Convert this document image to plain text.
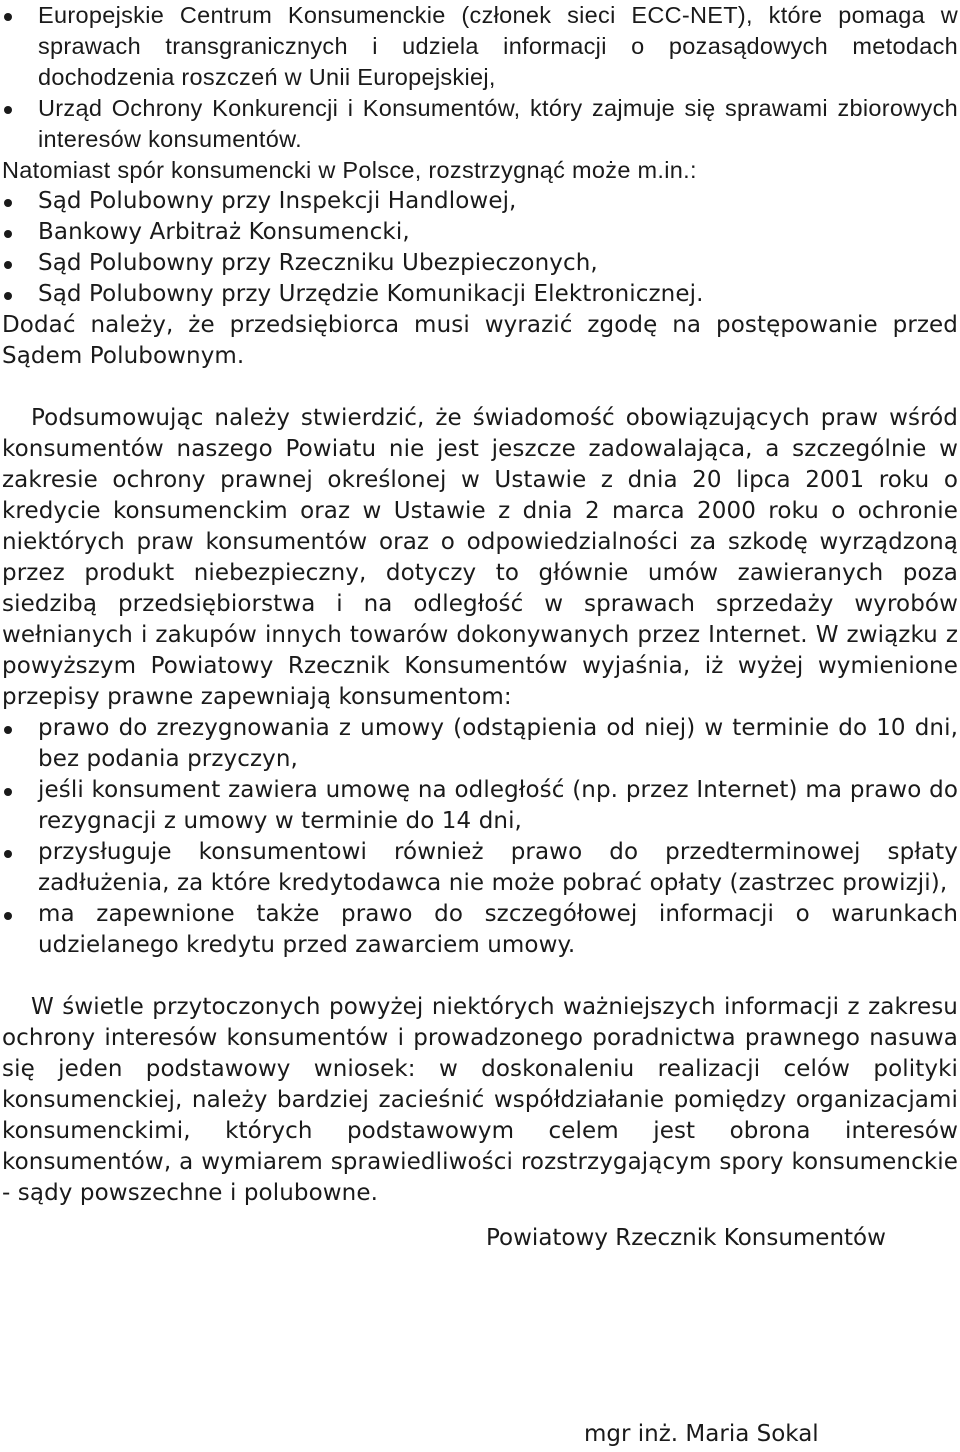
Europejskie Centrum Konsumenckie (członek sieci ECC-NET), które pomaga w sprawach transgranicznych i udziela informacji o pozasądowych metodach dochodzenia roszczeń w Unii Europejskiej,
Urząd Ochrony Konkurencji i Konsumentów, który zajmuje się sprawami zbiorowych interesów konsumentów.

Natomiast spór konsumencki w Polsce, rozstrzygnąć może m.in.:

Sąd Polubowny przy Inspekcji Handlowej,
Bankowy Arbitraż Konsumencki,
Sąd Polubowny przy Rzeczniku Ubezpieczonych,
Sąd Polubowny przy Urzędzie Komunikacji Elektronicznej.

Dodać należy, że przedsiębiorca musi wyrazić zgodę na postępowanie przed Sądem Polubownym.

Podsumowując należy stwierdzić, że świadomość obowiązujących praw wśród konsumentów naszego Powiatu nie jest jeszcze zadowalająca, a szczególnie w zakresie ochrony prawnej określonej w Ustawie z dnia 20 lipca 2001 roku o kredycie konsumenckim oraz w Ustawie z dnia 2 marca 2000 roku o ochronie niektórych praw konsumentów oraz o odpowiedzialności za szkodę wyrządzoną przez produkt niebezpieczny, dotyczy to głównie umów zawieranych poza siedzibą przedsiębiorstwa i na odległość w sprawach sprzedaży wyrobów wełnianych i zakupów innych towarów dokonywanych przez Internet. W związku z powyższym Powiatowy Rzecznik Konsumentów wyjaśnia, iż wyżej wymienione przepisy prawne zapewniają konsumentom:

prawo do zrezygnowania z umowy (odstąpienia od niej) w terminie do 10 dni, bez podania przyczyn,
jeśli konsument zawiera umowę na odległość (np. przez Internet) ma prawo do rezygnacji z umowy w terminie do 14 dni,
przysługuje konsumentowi również prawo do przedterminowej spłaty zadłużenia, za które kredytodawca nie może pobrać opłaty (zastrzec prowizji),
ma zapewnione także prawo do szczegółowej informacji o warunkach udzielanego kredytu przed zawarciem umowy.

W świetle przytoczonych powyżej niektórych ważniejszych informacji z zakresu ochrony interesów konsumentów i prowadzonego poradnictwa prawnego nasuwa się jeden podstawowy wniosek: w doskonaleniu realizacji celów polityki konsumenckiej, należy bardziej zacieśnić współdziałanie pomiędzy organizacjami konsumenckimi, których podstawowym celem jest obrona interesów konsumentów, a wymiarem sprawiedliwości rozstrzygającym spory konsumenckie - sądy powszechne i polubowne.

Powiatowy Rzecznik Konsumentów
mgr inż. Maria Sokal
